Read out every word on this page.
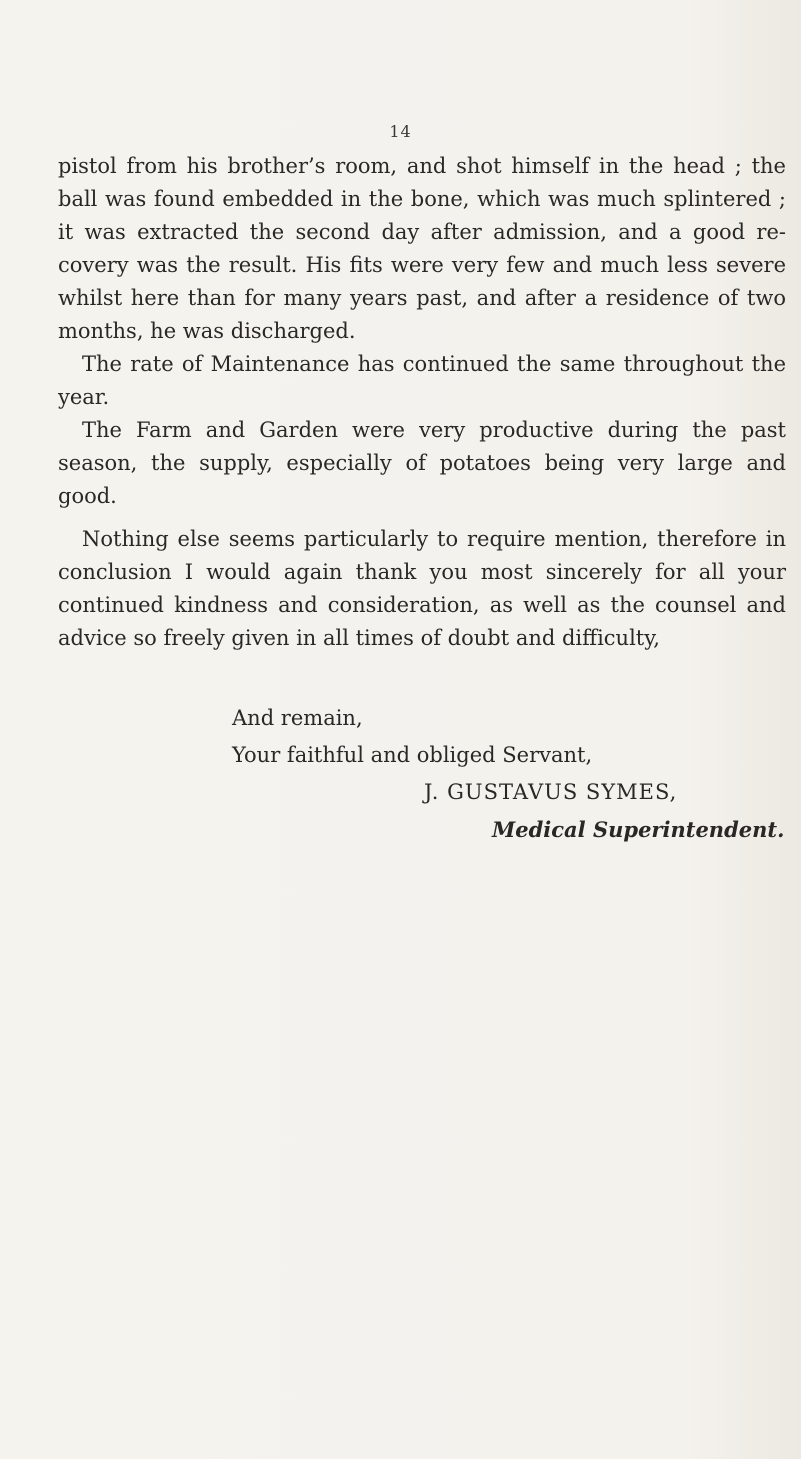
14

pistol from his brother’s room, and shot himself in the head ; the ball was found embedded in the bone, which was much splintered ; it was extracted the second day after admission, and a good re-covery was the result. His fits were very few and much less severe whilst here than for many years past, and after a residence of two months, he was discharged.

The rate of Maintenance has continued the same throughout the year.

The Farm and Garden were very productive during the past season, the supply, especially of potatoes being very large and good.

Nothing else seems particularly to require mention, therefore in conclusion I would again thank you most sincerely for all your continued kindness and consideration, as well as the counsel and advice so freely given in all times of doubt and difficulty,

And remain,
Your faithful and obliged Servant,
J. GUSTAVUS SYMES,
Medical Superintendent.
